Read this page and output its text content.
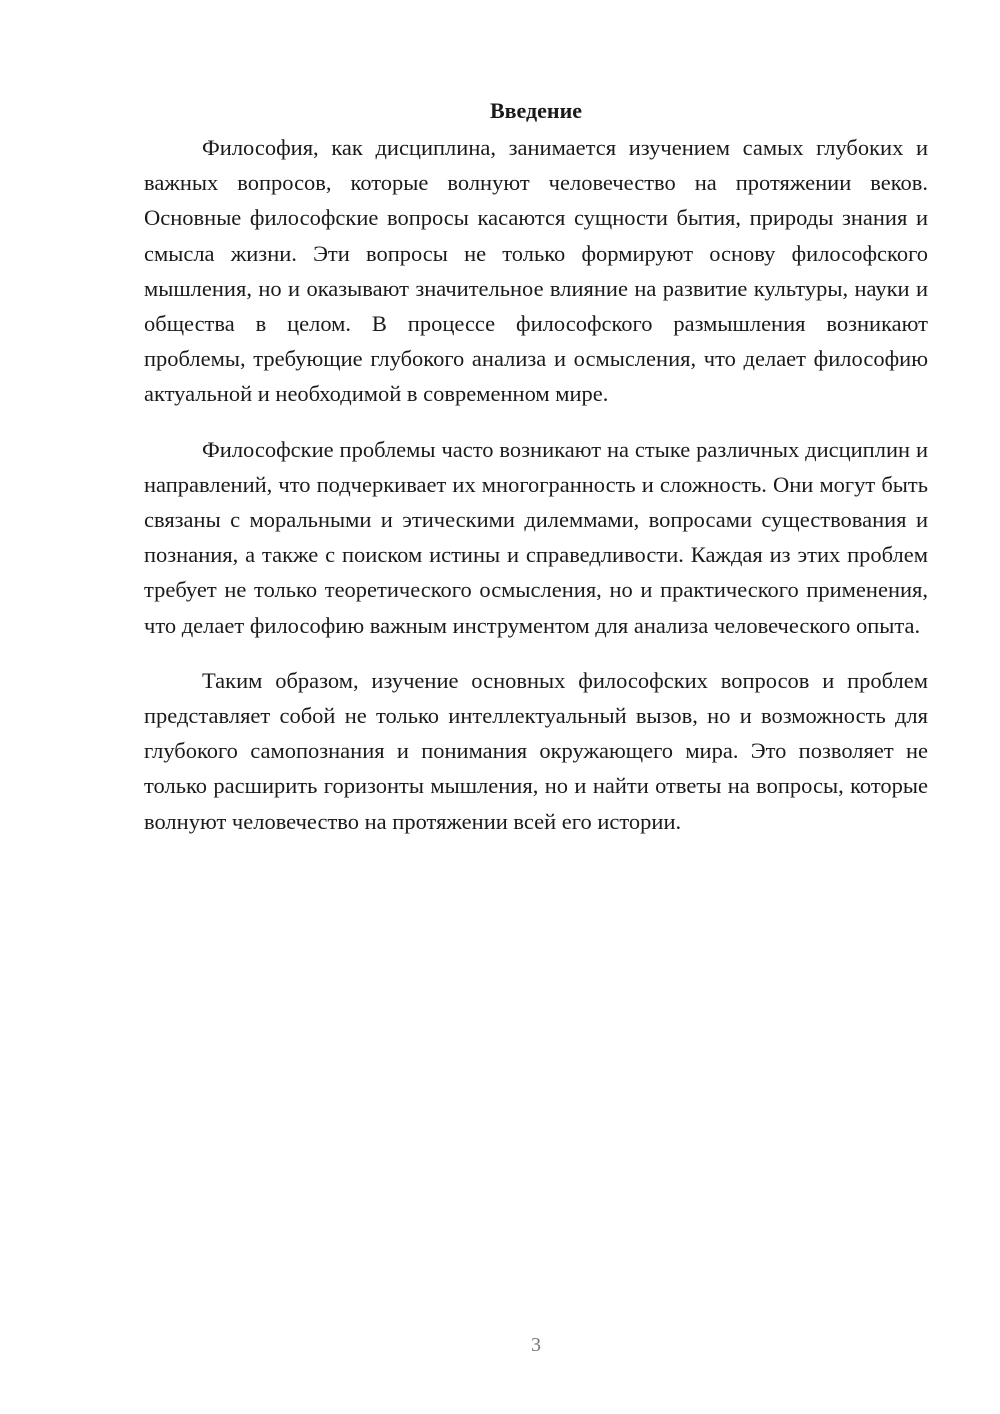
Введение

Философия, как дисциплина, занимается изучением самых глубоких и важных вопросов, которые волнуют человечество на протяжении веков. Основные философские вопросы касаются сущности бытия, природы знания и смысла жизни. Эти вопросы не только формируют основу философского мышления, но и оказывают значительное влияние на развитие культуры, науки и общества в целом. В процессе философского размышления возникают проблемы, требующие глубокого анализа и осмысления, что делает философию актуальной и необходимой в современном мире.

Философские проблемы часто возникают на стыке различных дисциплин и направлений, что подчеркивает их многогранность и сложность. Они могут быть связаны с моральными и этическими дилеммами, вопросами существования и познания, а также с поиском истины и справедливости. Каждая из этих проблем требует не только теоретического осмысления, но и практического применения, что делает философию важным инструментом для анализа человеческого опыта.

Таким образом, изучение основных философских вопросов и проблем представляет собой не только интеллектуальный вызов, но и возможность для глубокого самопознания и понимания окружающего мира. Это позволяет не только расширить горизонты мышления, но и найти ответы на вопросы, которые волнуют человечество на протяжении всей его истории.

3
